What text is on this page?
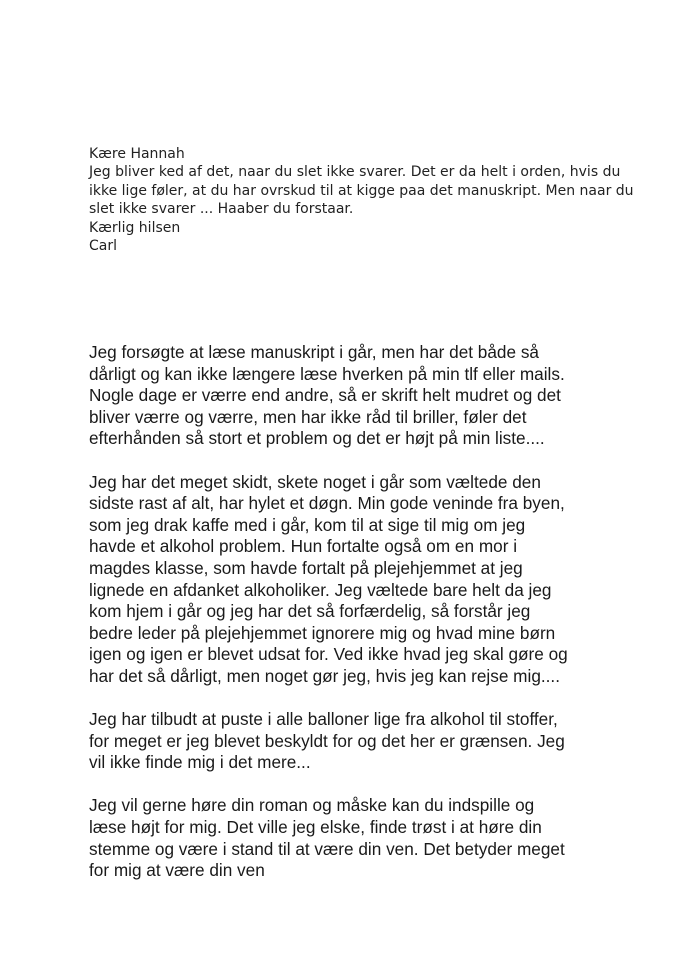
Kære Hannah

Jeg bliver ked af det, naar du slet ikke svarer. Det er da helt i orden, hvis du ikke lige føler, at du har ovrskud til at kigge paa det manuskript. Men naar du slet ikke svarer ... Haaber du forstaar.

Kærlig hilsen

Carl

Jeg forsøgte at læse manuskript i går, men har det både så
dårligt og kan ikke længere læse hverken på min tlf eller mails.
Nogle dage er værre end andre, så er skrift helt mudret og det
bliver værre og værre, men har ikke råd til briller, føler det
efterhånden så stort et problem og det er højt på min liste....

Jeg har det meget skidt, skete noget i går som væltede den
sidste rast af alt, har hylet et døgn. Min gode veninde fra byen,
som jeg drak kaffe med i går, kom til at sige til mig om jeg
havde et alkohol problem. Hun fortalte også om en mor i
magdes klasse, som havde fortalt på plejehjemmet at jeg
lignede en afdanket alkoholiker. Jeg væltede bare helt da jeg
kom hjem i går og jeg har det så forfærdelig, så forstår jeg
bedre leder på plejehjemmet ignorere mig og hvad mine børn
igen og igen er blevet udsat for. Ved ikke hvad jeg skal gøre og
har det så dårligt, men noget gør jeg, hvis jeg kan rejse mig....

Jeg har tilbudt at puste i alle balloner lige fra alkohol til stoffer,
for meget er jeg blevet beskyldt for og det her er grænsen. Jeg
vil ikke finde mig i det mere...

Jeg vil gerne høre din roman og måske kan du indspille og
læse højt for mig. Det ville jeg elske, finde trøst i at høre din
stemme og være i stand til at være din ven. Det betyder meget
for mig at være din ven
